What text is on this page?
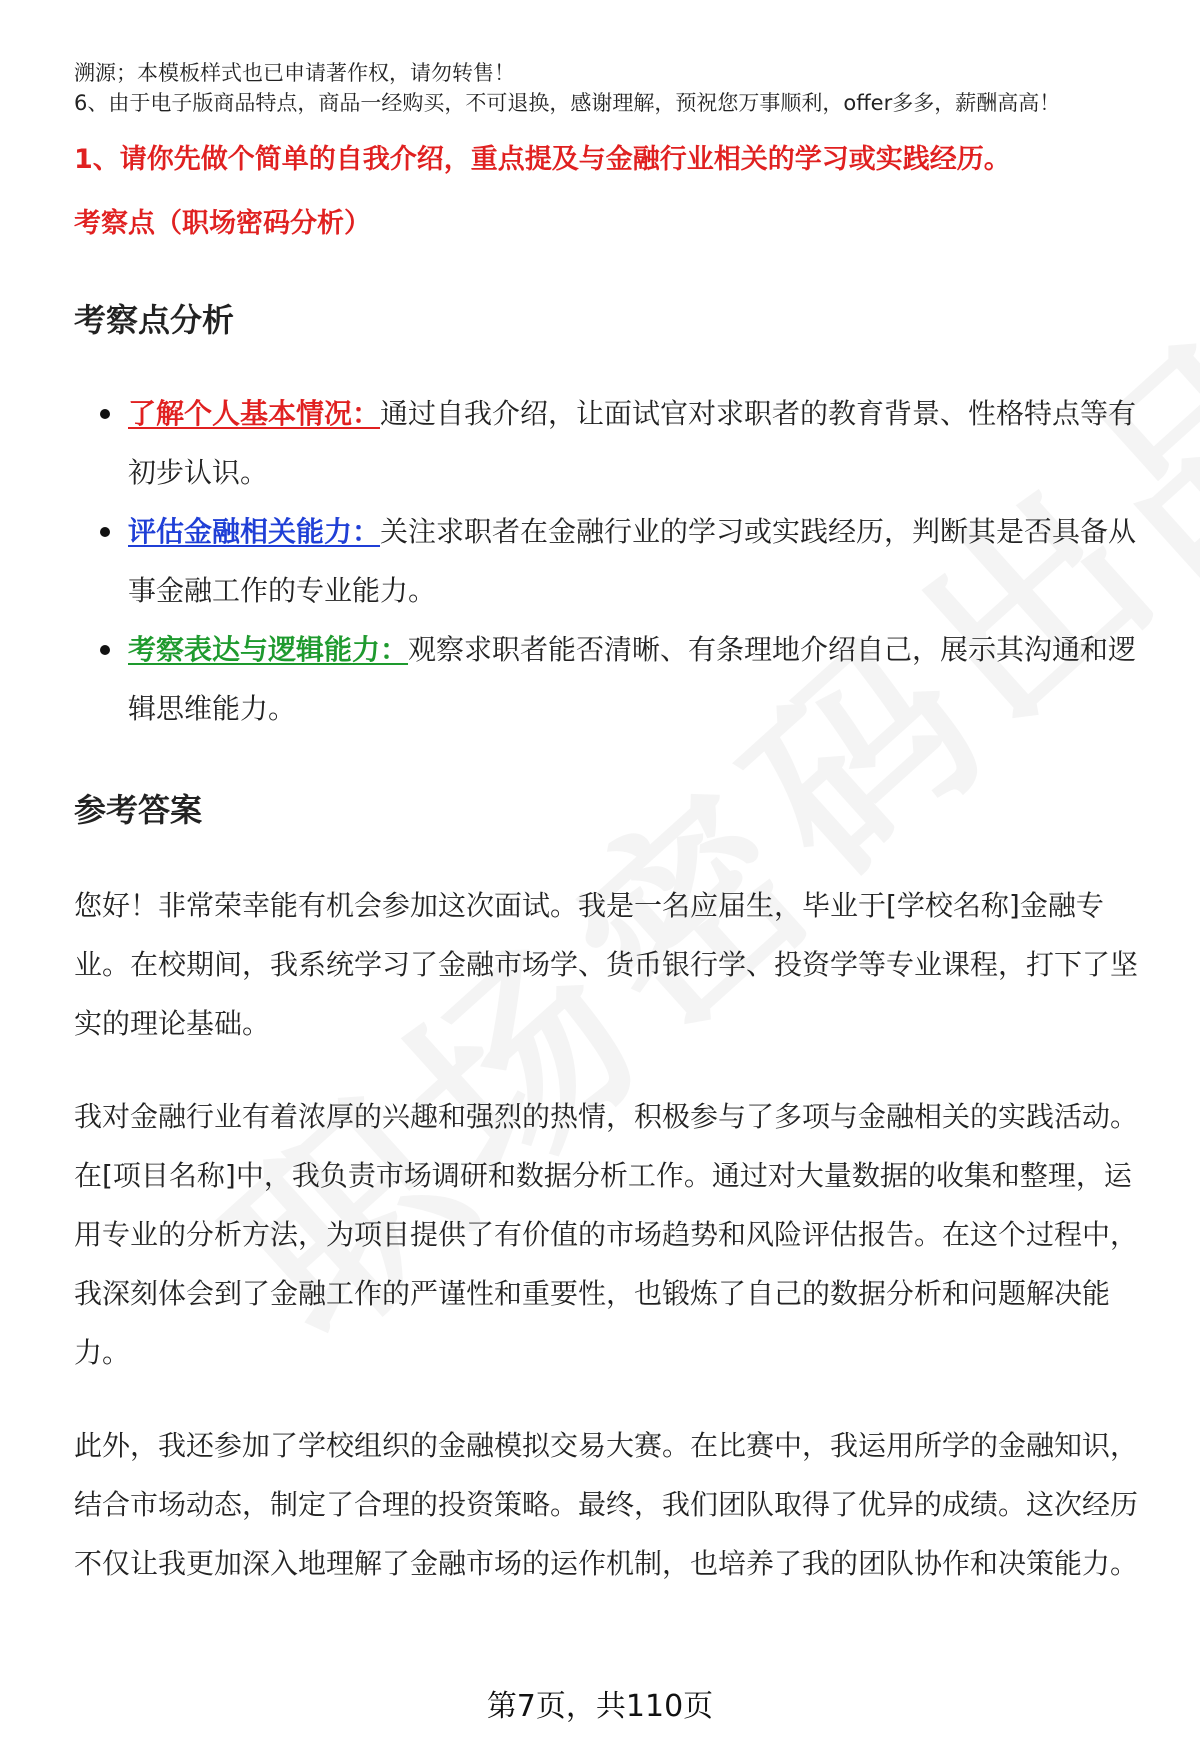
溯源；本模板样式也已申请著作权，请勿转售！

6、由于电子版商品特点，商品一经购买，不可退换，感谢理解，预祝您万事顺利，offer多多，薪酬高高！

1、请你先做个简单的自我介绍，重点提及与金融行业相关的学习或实践经历。

考察点（职场密码分析）

考察点分析

了解个人基本情况：通过自我介绍，让面试官对求职者的教育背景、性格特点等有初步认识。
评估金融相关能力：关注求职者在金融行业的学习或实践经历，判断其是否具备从事金融工作的专业能力。
考察表达与逻辑能力：观察求职者能否清晰、有条理地介绍自己，展示其沟通和逻辑思维能力。

参考答案

您好！非常荣幸能有机会参加这次面试。我是一名应届生，毕业于[学校名称]金融专业。在校期间，我系统学习了金融市场学、货币银行学、投资学等专业课程，打下了坚实的理论基础。

我对金融行业有着浓厚的兴趣和强烈的热情，积极参与了多项与金融相关的实践活动。在[项目名称]中，我负责市场调研和数据分析工作。通过对大量数据的收集和整理，运用专业的分析方法，为项目提供了有价值的市场趋势和风险评估报告。在这个过程中，我深刻体会到了金融工作的严谨性和重要性，也锻炼了自己的数据分析和问题解决能力。

此外，我还参加了学校组织的金融模拟交易大赛。在比赛中，我运用所学的金融知识，结合市场动态，制定了合理的投资策略。最终，我们团队取得了优异的成绩。这次经历不仅让我更加深入地理解了金融市场的运作机制，也培养了我的团队协作和决策能力。

第7页，共110页
